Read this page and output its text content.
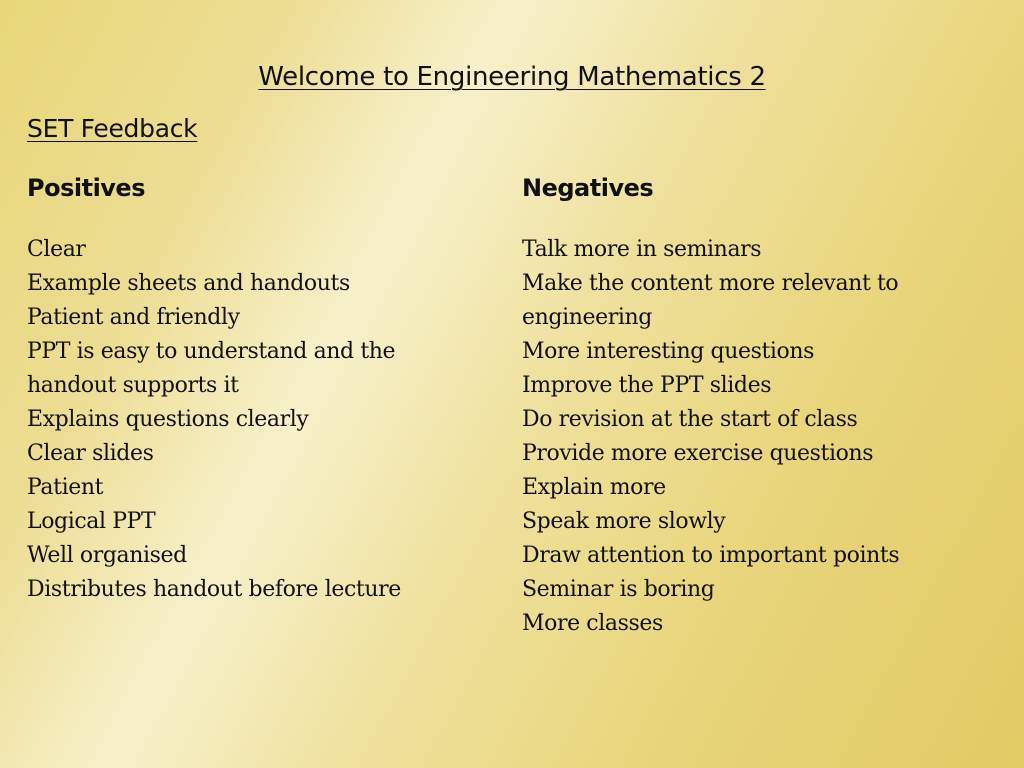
Welcome to Engineering Mathematics 2
SET Feedback
Positives	Negatives
Clear
Example sheets and handouts
Patient and friendly
PPT is easy to understand and the handout supports it
Explains questions clearly
Clear slides
Patient
Logical PPT
Well organised
Distributes handout before lecture
Talk more in seminars
Make the content more relevant to engineering
More interesting questions
Improve the PPT slides
Do revision at the start of class
Provide more exercise questions
Explain more
Speak more slowly
Draw attention to important points
Seminar is boring
More classes
